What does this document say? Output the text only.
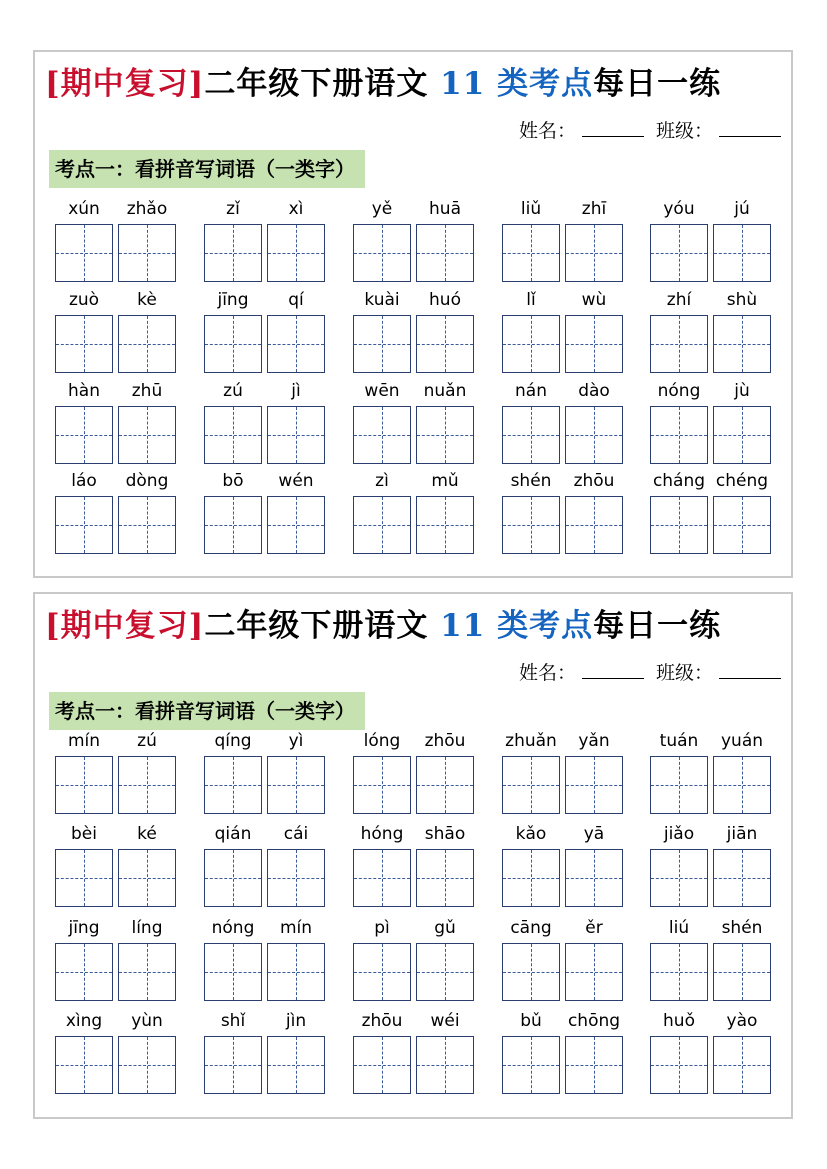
[期中复习]二年级下册语文 11 类考点每日一练
姓名：	班级：
考点一：看拼音写词语（一类字）
xún	zhǎo	zǐ	xì	yě	huā	liǔ	zhī	yóu	jú
zuò	kè	jīng	qí	kuài	huó	lǐ	wù	zhí	shù
hàn	zhū	zú	jì	wēn	nuǎn	nán	dào	nóng	jù
láo	dòng	bō	wén	zì	mǔ	shén	zhōu	cháng chéng
[期中复习]二年级下册语文 11 类考点每日一练
姓名：	班级：
考点一：看拼音写词语（一类字）
mín	zú	qíng	yì	lóng	zhōu	zhuǎn	yǎn	tuán	yuán
bèi	ké	qián	cái	hóng	shāo	kǎo	yā	jiǎo	jiān
jīng	líng	nóng	mín	pì	gǔ	cāng	ěr	liú	shén
xìng	yùn	shǐ	jìn	zhōu	wéi	bǔ	chōng	huǒ	yào
